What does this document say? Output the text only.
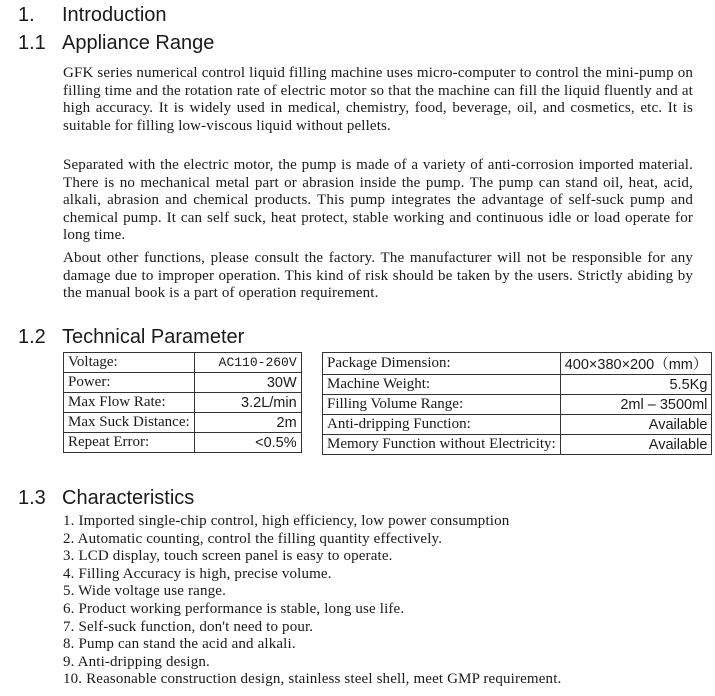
1. Introduction
1.1 Appliance Range
GFK series numerical control liquid filling machine uses micro-computer to control the mini-pump on filling time and the rotation rate of electric motor so that the machine can fill the liquid fluently and at high accuracy. It is widely used in medical, chemistry, food, beverage, oil, and cosmetics, etc. It is suitable for filling low-viscous liquid without pellets.
Separated with the electric motor, the pump is made of a variety of anti-corrosion imported material. There is no mechanical metal part or abrasion inside the pump. The pump can stand oil, heat, acid, alkali, abrasion and chemical products. This pump integrates the advantage of self-suck pump and chemical pump. It can self suck, heat protect, stable working and continuous idle or load operate for long time.
About other functions, please consult the factory. The manufacturer will not be responsible for any damage due to improper operation. This kind of risk should be taken by the users. Strictly abiding by the manual book is a part of operation requirement.
1.2 Technical Parameter
Voltage:	AC110-260V
Power:	30W
Max Flow Rate:	3.2L/min
Max Suck Distance:	2m
Repeat Error:	<0.5%
Package Dimension:	400×380×200（mm）
Machine Weight:	5.5Kg
Filling Volume Range:	2ml – 3500ml
Anti-dripping Function:	Available
Memory Function without Electricity:	Available
1.3 Characteristics
1. Imported single-chip control, high efficiency, low power consumption
2. Automatic counting, control the filling quantity effectively.
3. LCD display, touch screen panel is easy to operate.
4. Filling Accuracy is high, precise volume.
5. Wide voltage use range.
6. Product working performance is stable, long use life.
7. Self-suck function, don't need to pour.
8. Pump can stand the acid and alkali.
9. Anti-dripping design.
10. Reasonable construction design, stainless steel shell, meet GMP requirement.
